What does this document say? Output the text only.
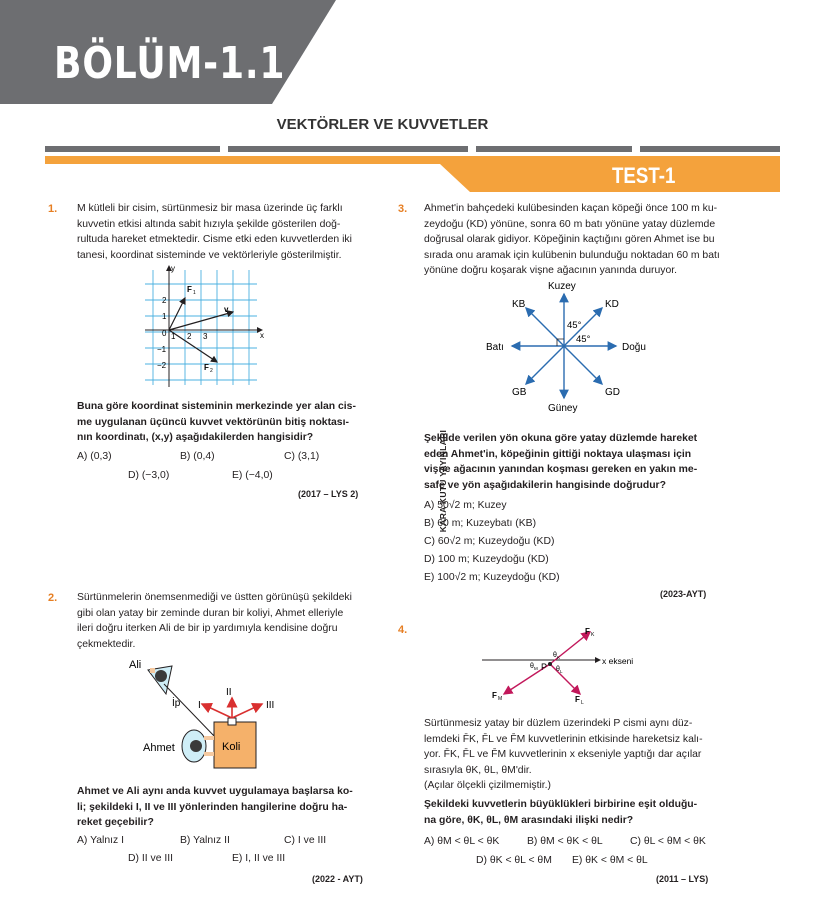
BÖLÜM-1.1
VEKTÖRLER VE KUVVETLER
TEST-1
KARA KUTU YAYINLARI
1. M kütleli bir cisim, sürtünmesiz bir masa üzerinde üç farklı
kuvvetin etkisi altında sabit hızıyla şekilde gösterilen doğ-
rultuda hareket etmektedir. Cisme etki eden kuvvetlerden iki
tanesi, koordinat sisteminde ve vektörleriyle gösterilmiştir.
y
x
v
F 1
F 2
1 2 3
2
1
0
−1
−2
Buna göre koordinat sisteminin merkezinde yer alan cis-
me uygulanan üçüncü kuvvet vektörünün bitiş noktası-
nın koordinatı, (x,y) aşağıdakilerden hangisidir?
A) (0,3)	B) (0,4)	C) (3,1)
D) (−3,0)	E) (−4,0)
(2017 – LYS 2)
2. Sürtünmelerin önemsenmediği ve üstten görünüşü şekildeki
gibi olan yatay bir zeminde duran bir koliyi, Ahmet elleriyle
ileri doğru iterken Ali de bir ip yardımıyla kendisine doğru
çekmektedir.
Ali
İp
Ahmet	Koli
I
II
III
Ahmet ve Ali aynı anda kuvvet uygulamaya başlarsa ko-
li; şekildeki I, II ve III yönlerinden hangilerine doğru ha-
reket geçebilir?
A) Yalnız I	B) Yalnız II	C) I ve III
D) II ve III	E) I, II ve III
(2022 - AYT)
3. Ahmet'in bahçedeki kulübesinden kaçan köpeği önce 100 m ku-
zeydoğu (KD) yönüne, sonra 60 m batı yönüne yatay düzlemde
doğrusal olarak gidiyor. Köpeğinin kaçtığını gören Ahmet ise bu
sırada onu aramak için kulübenin bulunduğu noktadan 60 m batı
yönüne doğru koşarak vişne ağacının yanında duruyor.
Kuzey
Güney
Doğu
Batı
KD
KB
GD
GB
45°
45°
Şekilde verilen yön okuna göre yatay düzlemde hareket
eden Ahmet'in, köpeğinin gittiği noktaya ulaşması için
vişne ağacının yanından koşması gereken en yakın me-
safe ve yön aşağıdakilerin hangisinde doğrudur?
A) 50√2 m; Kuzey
B) 60 m; Kuzeybatı (KB)
C) 60√2 m; Kuzeydoğu (KD)
D) 100 m; Kuzeydoğu (KD)
E) 100√2 m; Kuzeydoğu (KD)
(2023-AYT)
4.
x ekseni
P
F K
F L
F M
θ K
θ L
θ M
Sürtünmesiz yatay bir düzlem üzerindeki P cismi aynı düz-
lemdeki F̄K, F̄L ve F̄M kuvvetlerinin etkisinde hareketsiz kalı-
yor. F̄K, F̄L ve F̄M kuvvetlerinin x ekseniyle yaptığı dar açılar
sırasıyla θK, θL, θM'dir.
(Açılar ölçekli çizilmemiştir.)
Şekildeki kuvvetlerin büyüklükleri birbirine eşit olduğu-
na göre, θK, θL, θM arasındaki ilişki nedir?
A) θM < θL < θK	B) θM < θK < θL	C) θL < θM < θK
D) θK < θL < θM E) θK < θM < θL
(2011 – LYS)
